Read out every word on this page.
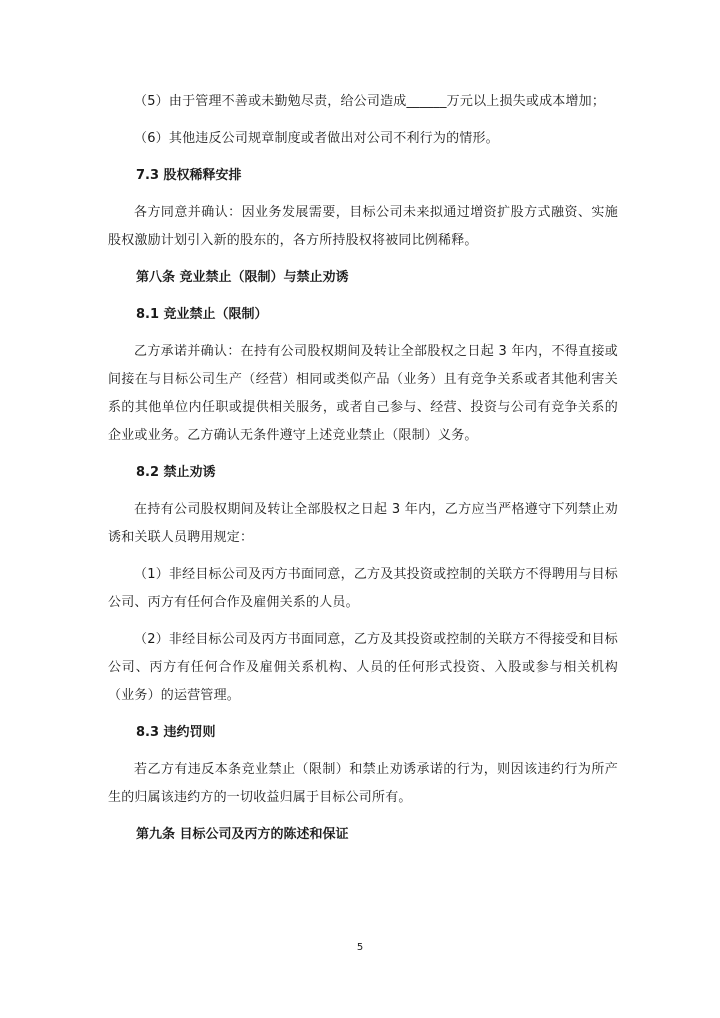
（5）由于管理不善或未勤勉尽责，给公司造成______万元以上损失或成本增加；

（6）其他违反公司规章制度或者做出对公司不利行为的情形。

7.3 股权稀释安排

各方同意并确认：因业务发展需要，目标公司未来拟通过增资扩股方式融资、实施股权激励计划引入新的股东的，各方所持股权将被同比例稀释。

第八条 竞业禁止（限制）与禁止劝诱

8.1 竞业禁止（限制）

乙方承诺并确认：在持有公司股权期间及转让全部股权之日起 3 年内，不得直接或间接在与目标公司生产（经营）相同或类似产品（业务）且有竞争关系或者其他利害关系的其他单位内任职或提供相关服务，或者自己参与、经营、投资与公司有竞争关系的企业或业务。乙方确认无条件遵守上述竞业禁止（限制）义务。

8.2 禁止劝诱

在持有公司股权期间及转让全部股权之日起 3 年内，乙方应当严格遵守下列禁止劝诱和关联人员聘用规定：

（1）非经目标公司及丙方书面同意，乙方及其投资或控制的关联方不得聘用与目标公司、丙方有任何合作及雇佣关系的人员。

（2）非经目标公司及丙方书面同意，乙方及其投资或控制的关联方不得接受和目标公司、丙方有任何合作及雇佣关系机构、人员的任何形式投资、入股或参与相关机构（业务）的运营管理。

8.3 违约罚则

若乙方有违反本条竞业禁止（限制）和禁止劝诱承诺的行为，则因该违约行为所产生的归属该违约方的一切收益归属于目标公司所有。

第九条 目标公司及丙方的陈述和保证

5
